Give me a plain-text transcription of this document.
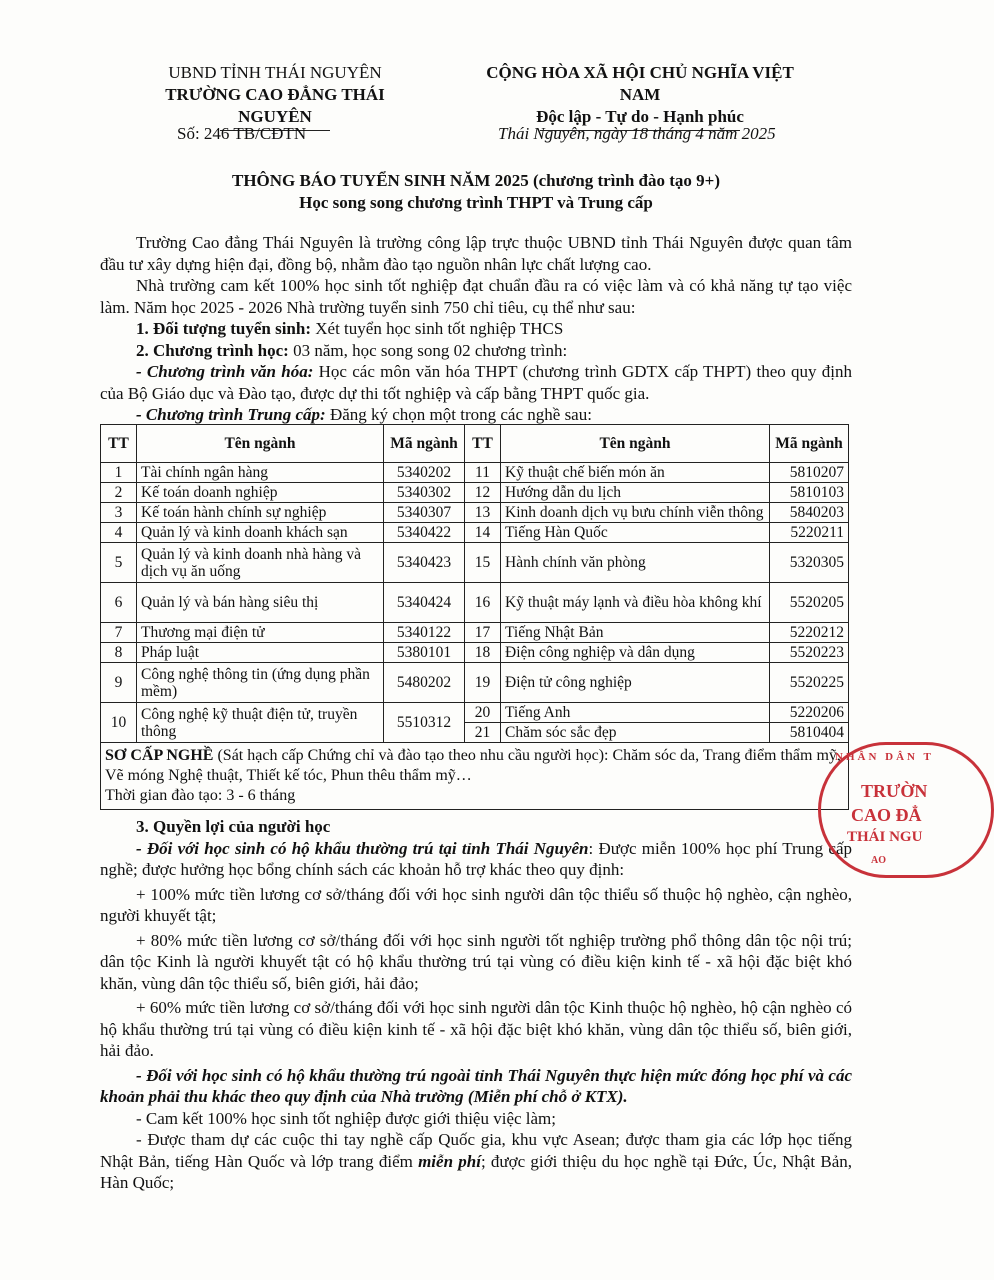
UBND TỈNH THÁI NGUYÊN
TRƯỜNG CAO ĐẲNG THÁI NGUYÊN
CỘNG HÒA XÃ HỘI CHỦ NGHĨA VIỆT NAM
Độc lập - Tự do - Hạnh phúc
Số: 246 TB/CĐTN	Thái Nguyên, ngày 18 tháng 4 năm 2025
THÔNG BÁO TUYỂN SINH NĂM 2025 (chương trình đào tạo 9+)
Học song song chương trình THPT và Trung cấp

Trường Cao đẳng Thái Nguyên là trường công lập trực thuộc UBND tỉnh Thái Nguyên được quan tâm đầu tư xây dựng hiện đại, đồng bộ, nhằm đào tạo nguồn nhân lực chất lượng cao.

Nhà trường cam kết 100% học sinh tốt nghiệp đạt chuẩn đầu ra có việc làm và có khả năng tự tạo việc làm. Năm học 2025 - 2026 Nhà trường tuyển sinh 750 chỉ tiêu, cụ thể như sau:

1. Đối tượng tuyển sinh: Xét tuyển học sinh tốt nghiệp THCS

2. Chương trình học: 03 năm, học song song 02 chương trình:

- Chương trình văn hóa: Học các môn văn hóa THPT (chương trình GDTX cấp THPT) theo quy định của Bộ Giáo dục và Đào tạo, được dự thi tốt nghiệp và cấp bằng THPT quốc gia.

- Chương trình Trung cấp: Đăng ký chọn một trong các nghề sau:

TT	Tên ngành	Mã ngành	TT	Tên ngành	Mã ngành
1	Tài chính ngân hàng	5340202	11	Kỹ thuật chế biến món ăn	5810207
2	Kế toán doanh nghiệp	5340302	12	Hướng dẫn du lịch	5810103
3	Kế toán hành chính sự nghiệp	5340307	13	Kinh doanh dịch vụ bưu chính viễn thông	5840203
4	Quản lý và kinh doanh khách sạn	5340422	14	Tiếng Hàn Quốc	5220211
5	Quản lý và kinh doanh nhà hàng và dịch vụ ăn uống	5340423	15	Hành chính văn phòng	5320305
6	Quản lý và bán hàng siêu thị	5340424	16	Kỹ thuật máy lạnh và điều hòa không khí	5520205
7	Thương mại điện tử	5340122	17	Tiếng Nhật Bản	5220212
8	Pháp luật	5380101	18	Điện công nghiệp và dân dụng	5520223
9	Công nghệ thông tin (ứng dụng phần mềm)	5480202	19	Điện tử công nghiệp	5520225
10	Công nghệ kỹ thuật điện tử, truyền thông	5510312	20	Tiếng Anh	5220206
			21	Chăm sóc sắc đẹp	5810404
SƠ CẤP NGHỀ (Sát hạch cấp Chứng chỉ và đào tạo theo nhu cầu người học): Chăm sóc da, Trang điểm thẩm mỹ, Vẽ móng Nghệ thuật, Thiết kế tóc, Phun thêu thẩm mỹ…
Thời gian đào tạo: 3 - 6 tháng					

3. Quyền lợi của người học

- Đối với học sinh có hộ khẩu thường trú tại tỉnh Thái Nguyên: Được miễn 100% học phí Trung cấp nghề; được hưởng học bổng chính sách các khoản hỗ trợ khác theo quy định:

+ 100% mức tiền lương cơ sở/tháng đối với học sinh người dân tộc thiểu số thuộc hộ nghèo, cận nghèo, người khuyết tật;

+ 80% mức tiền lương cơ sở/tháng đối với học sinh người tốt nghiệp trường phổ thông dân tộc nội trú; dân tộc Kinh là người khuyết tật có hộ khẩu thường trú tại vùng có điều kiện kinh tế - xã hội đặc biệt khó khăn, vùng dân tộc thiểu số, biên giới, hải đảo;

+ 60% mức tiền lương cơ sở/tháng đối với học sinh người dân tộc Kinh thuộc hộ nghèo, hộ cận nghèo có hộ khẩu thường trú tại vùng có điều kiện kinh tế - xã hội đặc biệt khó khăn, vùng dân tộc thiểu số, biên giới, hải đảo.

- Đối với học sinh có hộ khẩu thường trú ngoài tỉnh Thái Nguyên thực hiện mức đóng học phí và các khoản phải thu khác theo quy định của Nhà trường (Miễn phí chỗ ở KTX).

- Cam kết 100% học sinh tốt nghiệp được giới thiệu việc làm;

- Được tham dự các cuộc thi tay nghề cấp Quốc gia, khu vực Asean; được tham gia các lớp học tiếng Nhật Bản, tiếng Hàn Quốc và lớp trang điểm miễn phí; được giới thiệu du học nghề tại Đức, Úc, Nhật Bản, Hàn Quốc;

NHÂN DÂN T
TRƯỜN
CAO ĐẲ
THÁI NGU
AO
